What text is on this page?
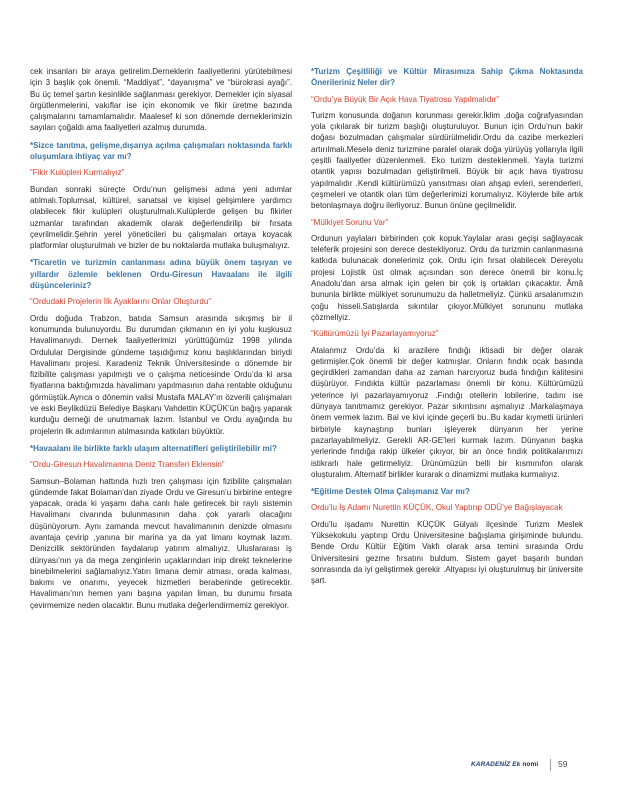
cek insanları bir araya getirelim.Derneklerin faaliyetlerini yürütebilmesi için 3 başlık çok önemli. “Maddiyat”, “dayanışma” ve “bürokrasi ayağı”. Bu üç temel şartın kesinlikle sağlanması gerekiyor. Dernekler için siyasal örgütlenmelerini, vakıflar ise için ekonomik ve fikir üretme bazında çalışmalarını tamamlamalıdır. Maalesef ki son dönemde derneklerimizin sayıları çoğaldı ama faaliyetleri azalmış durumda.

*Sizce tanıtma, gelişme,dışarıya açılma çalışmaları noktasında farklı oluşumlara ihtiyaç var mı?

“Fikir Kulüpleri Kurmalıyız”

Bundan sonraki süreçte Ordu’nun gelişmesi adına yeni adımlar atılmalı.Toplumsal, kültürel, sanatsal ve kişisel gelişimlere yardımcı olabilecek fikir kulüpleri oluşturulmalı.Kulüplerde gelişen bu fikirler uzmanlar tarafından akademik olarak değerlendirilip bir fırsata çevrilmelidir.Şehrin yerel yöneticileri bu çalışmaları ortaya koyacak platformlar oluşturulmalı ve bizler de bu noktalarda mutlaka buluşmalıyız.

*Ticaretin ve turizmin canlanması adına büyük önem taşıyan ve yıllardır özlemle beklenen Ordu-Giresun Havaalanı ile ilgili düşünceleriniz?

“Ordudaki Projelerin İlk Ayaklarını Onlar Oluşturdu”

Ordu doğuda Trabzon, batıda Samsun arasında sıkışmış bir il konumunda bulunuyordu. Bu durumdan çıkmanın en iyi yolu kuşkusuz Havalimanıydı. Dernek faaliyetlerimizi yürüttüğümüz 1998 yılında Ordulular Dergisinde gündeme taşıdığımız konu başlıklarından biriydi Havalimanı projesi. Karadeniz Teknik Üniversitesinde o dönemde bir fizibilite çalışması yapılmıştı ve o çalışma neticesinde Ordu’da ki arsa fiyatlarına baktığımızda havalimanı yapılmasının daha rentable olduğunu görmüştük.Ayrıca o dönemin valisi Mustafa MALAY’ın özverili çalışmaları ve eski Beylikdüzü Belediye Başkanı Vahdettin KÜÇÜK’ün bağış yaparak kurduğu derneği de unutmamak lazım. İstanbul ve Ordu ayağında bu projelerin ilk adımlarının atılmasında katkıları büyüktür.

*Havaalanı ile birlikte farklı ulaşım alternatifleri geliştirilebilir mi?

“Ordu-Giresun Havalimanına Deniz Transferi Eklensin”

Samsun–Bolaman hattında hızlı tren çalışması için fizibilite çalışmaları gündemde fakat Bolaman’dan ziyade Ordu ve Giresun’u birbirine entegre yapacak, orada ki yaşamı daha canlı hale getirecek bir raylı sistemin Havalimanı civarında bulunmasının daha çok yararlı olacağını düşünüyorum. Aynı zamanda mevcut havalimanının denizde olmasını avantaja çevirip ,yanına bir marina ya da yat limanı koymak lazım. Denizcilik sektöründen faydalanıp yatırım almalıyız. Uluslararası iş dünyası’nın ya da mega zenginlerin uçaklarından inip direkt teknelerine binebilmelerini sağlamalıyız.Yatırı limana demir atması, orada kalması, bakımı ve onarımı, yeyecek hizmetleri beraberinde getirecektir. Havalimanı’nın hemen yanı başına yapılan liman, bu durumu fırsata çevirmemize neden olacaktır. Bunu mutlaka değerlendirmemiz gerekiyor.

*Turizm Çeşitliliği ve Kültür Mirasımıza Sahip Çıkma Noktasında Önerileriniz Neler dir?

“Ordu’ya Büyük Bir Açık Hava Tiyatrosu Yapılmalıdır”

Turizm konusunda doğanın korunması gerekir.İklim ,doğa coğrafyasından yola çıkılarak bir turizm başlığı oluşturuluyor. Bunun için Ordu’nun bakir doğası bozulmadan çalışmalar sürdürülmelidir.Ordu da cazibe merkezleri artırılmalı.Meselə deniz turizmine paralel olarak doğa yürüyüş yollarıyla ilgili çeşitli faaliyetler düzenlenmeli. Eko turizm desteklenmeli. Yayla turizmi otantik yapısı bozulmadan geliştirilmeli. Büyük bir açık hava tiyatrosu yapılmalıdır .Kendi kültürümüzü yansıtması olan ahşap evleri, serenderleri, çeşmeleri ve otantik olan tüm değerlerimizi korumalıyız. Köylerde bile artık betonlaşmaya doğru ilerliyoruz. Bunun önüne geçilmelidir.

“Mülkiyet Sorunu Var”

Ordunun yaylaları birbirinden çok kopuk.Yaylalar arası geçişi sağlayacak teleferik projesini son derece destekliyoruz. Ordu da turizmin canlanmasına katkıda bulunacak donelerimiz çok. Ordu için fırsat olabilecek Dereyolu projesi Lojistik üst olmak açısından son derece önemli bir konu.İç Anadolu’dan arsa almak için gelen bir çok iş ortakları çıkacaktır. Âmâ bununla birlikte mülkiyet sorunumuzu da halletmeliyiz. Çünkü arsalanımızın çoğu hisseli.Satışlarda sıkıntılar çıkıyor.Mülkiyet sorununu mutlaka çözmeliyiz.

“Kültürümüzü İyi Pazarlayamıyoruz”

Atalanmız Ordu’da ki arazilere fındığı iktisadi bir değer olarak getirmişler.Çok önemli bir değer katmışlar. Onların fındık ocak basında geçirdikleri zamandan daha az zaman harcıyoruz buda fındığın kalitesini düşürüyor. Fındıkta kültür pazarlaması önemli bir konu. Kültürümüzü yeterince iyi pazarlayamıyoruz .Fındığı otellerin lobilerine, tadını ise dünyaya tanıtmamız gerekiyor. Pazar sıkıntısını aşmalıyız .Markalaşmaya önem vermek lazım. Bal ve kivi içinde geçerli bu..Bu kadar kıymetli ürünleri birbiriyle kaynaştırıp bunları işleyerek dünyanın her yerine pazarlayabilmeliyiz. Gerekli AR-GE’leri kurmak lazım. Dünyanın başka yerlerinde fındığa rakip ülkeler çıkıyor, bir an önce fındık politikalarımızı istikrarlı hale getirmeliyiz. Ürünümüzün belli bir kısmınıfon olarak oluşturalım. Alternatif birlikler kurarak o dinamizmi mutlaka kurmalıyız.

*Eğitime Destek Olma Çalışmanız Var mı?

Ordu’lu İş Adamı Nurettin KÜÇÜK, Okul Yaptırıp ODÜ’ye Bağışlayacak

Ordu’lu işadamı Nurettin KÜÇÜK Gülyalı ilçesinde Turizm Meslek Yüksekokulu yaptırıp Ordu Üniversitesine bağışlama girişiminde bulundu. Bende Ordu Kültür Eğitim Vakfı olarak arsa temini sırasında Ordu Üniversitesini gezme fırsatını buldum. Sistem gayet başarılı bundan sonrasında da iyi geliştirmek gerekir .Altyapısı iyi oluşturulmuş bir üniversite şart.

KARADENİZ Ek nomi 59
